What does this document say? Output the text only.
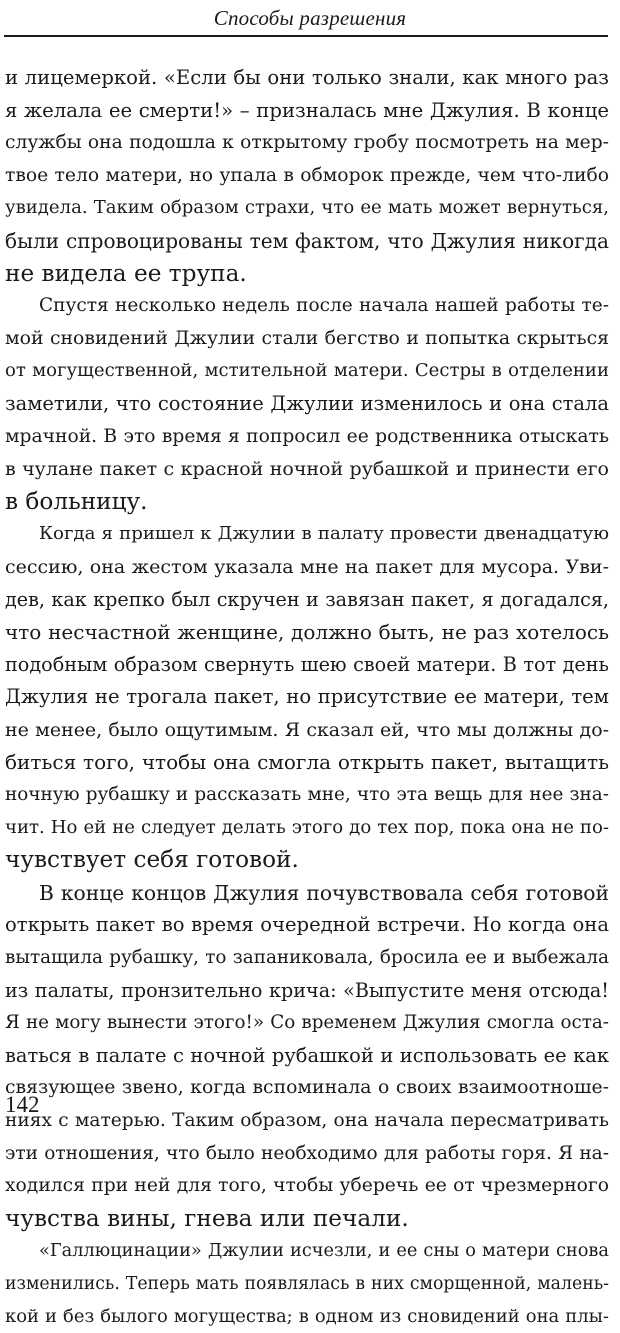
Способы разрешения
и лицемеркой. «Если бы они только знали, как много раз
я желала ее смерти!» – призналась мне Джулия. В конце
службы она подошла к открытому гробу посмотреть на мер-
твое тело матери, но упала в обморок прежде, чем что-либо
увидела. Таким образом страхи, что ее мать может вернуться,
были спровоцированы тем фактом, что Джулия никогда
не видела ее трупа.
Спустя несколько недель после начала нашей работы те-
мой сновидений Джулии стали бегство и попытка скрыться
от могущественной, мстительной матери. Сестры в отделении
заметили, что состояние Джулии изменилось и она стала
мрачной. В это время я попросил ее родственника отыскать
в чулане пакет с красной ночной рубашкой и принести его
в больницу.
Когда я пришел к Джулии в палату провести двенадцатую
сессию, она жестом указала мне на пакет для мусора. Уви-
дев, как крепко был скручен и завязан пакет, я догадался,
что несчастной женщине, должно быть, не раз хотелось
подобным образом свернуть шею своей матери. В тот день
Джулия не трогала пакет, но присутствие ее матери, тем
не менее, было ощутимым. Я сказал ей, что мы должны до-
биться того, чтобы она смогла открыть пакет, вытащить
ночную рубашку и рассказать мне, что эта вещь для нее зна-
чит. Но ей не следует делать этого до тех пор, пока она не по-
чувствует себя готовой.
В конце концов Джулия почувствовала себя готовой
открыть пакет во время очередной встречи. Но когда она
вытащила рубашку, то запаниковала, бросила ее и выбежала
из палаты, пронзительно крича: «Выпустите меня отсюда!
Я не могу вынести этого!» Со временем Джулия смогла оста-
ваться в палате с ночной рубашкой и использовать ее как
связующее звено, когда вспоминала о своих взаимоотноше-
ниях с матерью. Таким образом, она начала пересматривать
эти отношения, что было необходимо для работы горя. Я на-
ходился при ней для того, чтобы уберечь ее от чрезмерного
чувства вины, гнева или печали.
«Галлюцинации» Джулии исчезли, и ее сны о матери снова
изменились. Теперь мать появлялась в них сморщенной, малень-
кой и без былого могущества; в одном из сновидений она плы-
142
